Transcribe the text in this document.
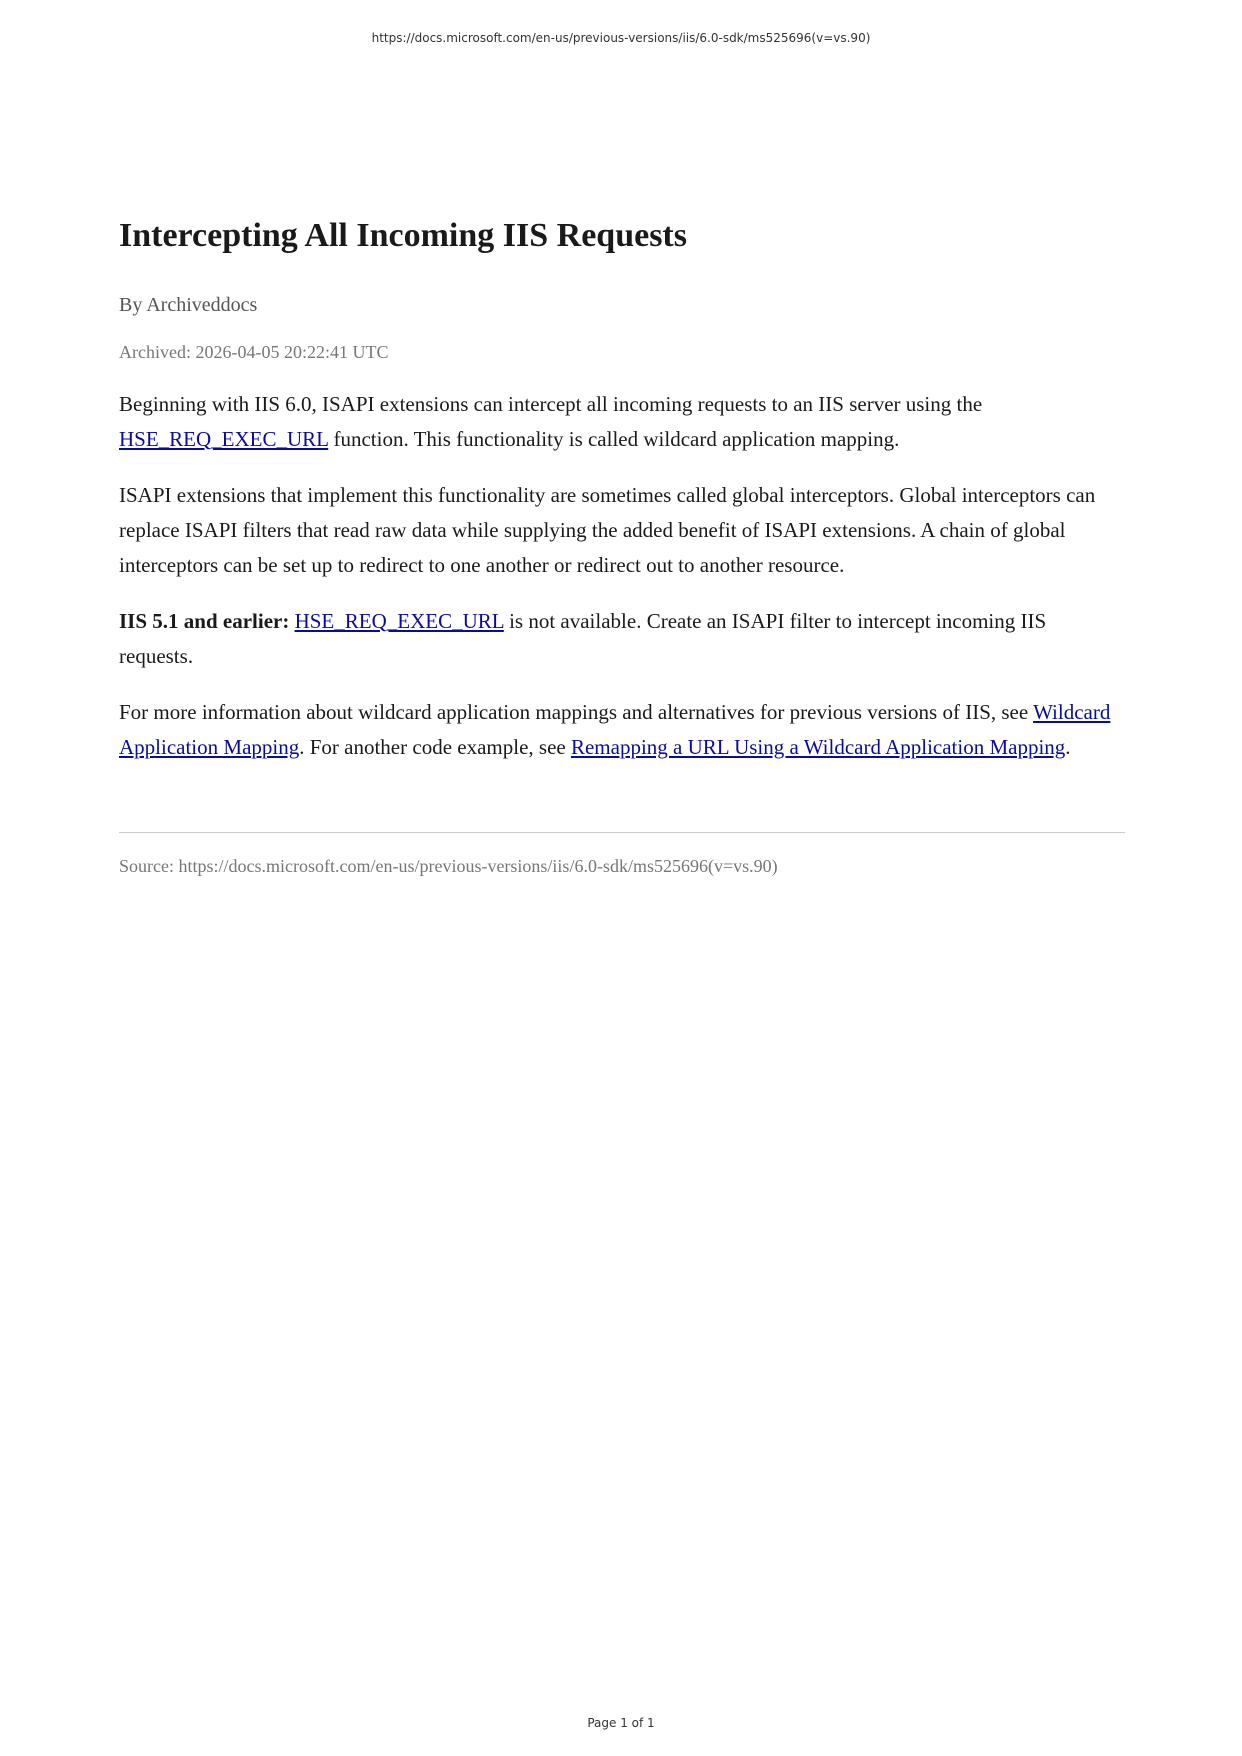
https://docs.microsoft.com/en-us/previous-versions/iis/6.0-sdk/ms525696(v=vs.90)
Intercepting All Incoming IIS Requests

By Archiveddocs

Archived: 2026-04-05 20:22:41 UTC

Beginning with IIS 6.0, ISAPI extensions can intercept all incoming requests to an IIS server using the HSE_REQ_EXEC_URL function. This functionality is called wildcard application mapping.

ISAPI extensions that implement this functionality are sometimes called global interceptors. Global interceptors can replace ISAPI filters that read raw data while supplying the added benefit of ISAPI extensions. A chain of global interceptors can be set up to redirect to one another or redirect out to another resource.

IIS 5.1 and earlier: HSE_REQ_EXEC_URL is not available. Create an ISAPI filter to intercept incoming IIS requests.

For more information about wildcard application mappings and alternatives for previous versions of IIS, see Wildcard Application Mapping. For another code example, see Remapping a URL Using a Wildcard Application Mapping.

Source: https://docs.microsoft.com/en-us/previous-versions/iis/6.0-sdk/ms525696(v=vs.90)

Page 1 of 1
